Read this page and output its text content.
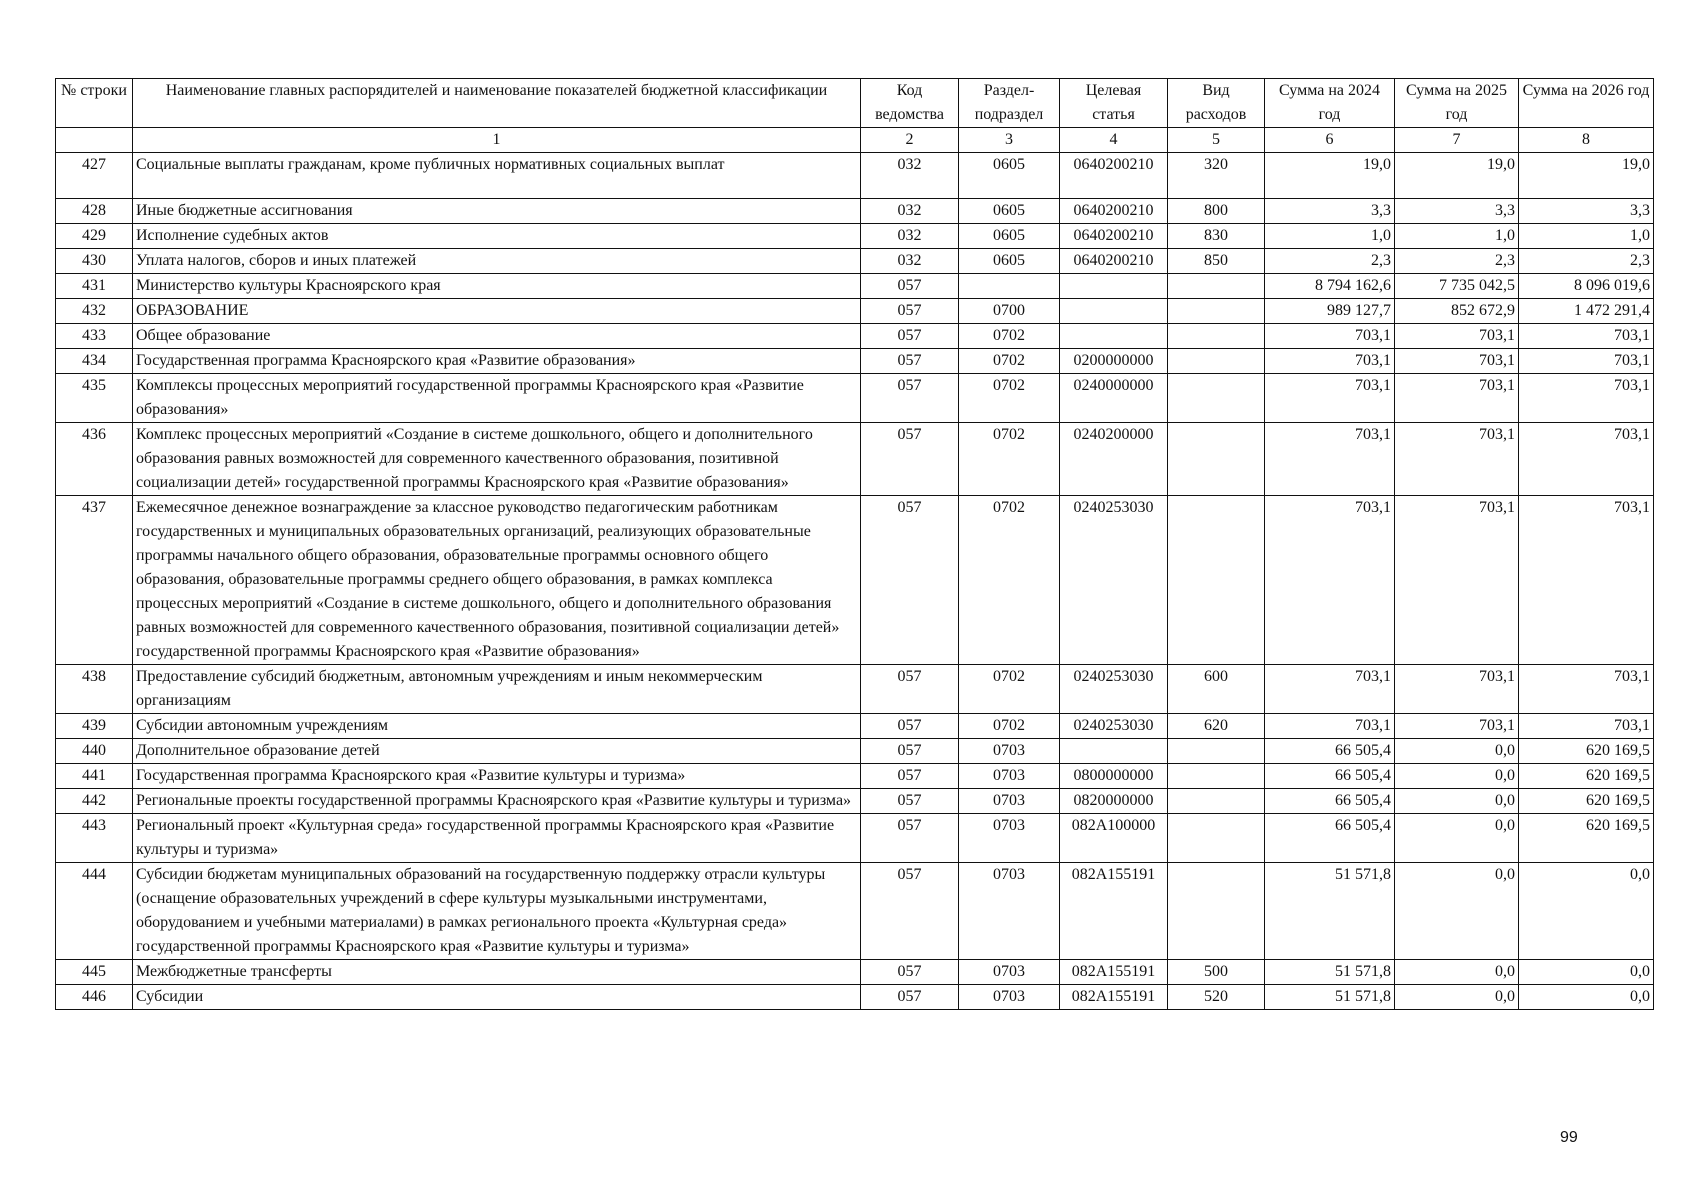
№ строки	Наименование главных распорядителей и наименование показателей бюджетной классификации	Код ведомства	Раздел-подраздел	Целевая статья	Вид расходов	Сумма на 2024 год	Сумма на 2025 год	Сумма на 2026 год
	1	2	3	4	5	6	7	8
427	Социальные выплаты гражданам, кроме публичных нормативных социальных выплат	032	0605	0640200210	320	19,0	19,0	19,0
428	Иные бюджетные ассигнования	032	0605	0640200210	800	3,3	3,3	3,3
429	Исполнение судебных актов	032	0605	0640200210	830	1,0	1,0	1,0
430	Уплата налогов, сборов и иных платежей	032	0605	0640200210	850	2,3	2,3	2,3
431	Министерство культуры Красноярского края	057				8 794 162,6	7 735 042,5	8 096 019,6
432	ОБРАЗОВАНИЕ	057	0700			989 127,7	852 672,9	1 472 291,4
433	Общее образование	057	0702			703,1	703,1	703,1
434	Государственная программа Красноярского края «Развитие образования»	057	0702	0200000000		703,1	703,1	703,1
435	Комплексы процессных мероприятий государственной программы Красноярского края «Развитие образования»	057	0702	0240000000		703,1	703,1	703,1
436	Комплекс процессных мероприятий «Создание в системе дошкольного, общего и дополнительного образования равных возможностей для современного качественного образования, позитивной социализации детей» государственной программы Красноярского края «Развитие образования»	057	0702	0240200000		703,1	703,1	703,1
437	Ежемесячное денежное вознаграждение за классное руководство педагогическим работникам государственных и муниципальных образовательных организаций, реализующих образовательные программы начального общего образования, образовательные программы основного общего образования, образовательные программы среднего общего образования, в рамках комплекса процессных мероприятий «Создание в системе дошкольного, общего и дополнительного образования равных возможностей для современного качественного образования, позитивной социализации детей» государственной программы Красноярского края «Развитие образования»	057	0702	0240253030		703,1	703,1	703,1
438	Предоставление субсидий бюджетным, автономным учреждениям и иным некоммерческим организациям	057	0702	0240253030	600	703,1	703,1	703,1
439	Субсидии автономным учреждениям	057	0702	0240253030	620	703,1	703,1	703,1
440	Дополнительное образование детей	057	0703			66 505,4	0,0	620 169,5
441	Государственная программа Красноярского края «Развитие культуры и туризма»	057	0703	0800000000		66 505,4	0,0	620 169,5
442	Региональные проекты государственной программы Красноярского края «Развитие культуры и туризма»	057	0703	0820000000		66 505,4	0,0	620 169,5
443	Региональный проект «Культурная среда» государственной программы Красноярского края «Развитие культуры и туризма»	057	0703	082A100000		66 505,4	0,0	620 169,5
444	Субсидии бюджетам муниципальных образований на государственную поддержку отрасли культуры (оснащение образовательных учреждений в сфере культуры музыкальными инструментами, оборудованием и учебными материалами) в рамках регионального проекта «Культурная среда» государственной программы Красноярского края «Развитие культуры и туризма»	057	0703	082A155191		51 571,8	0,0	0,0
445	Межбюджетные трансферты	057	0703	082A155191	500	51 571,8	0,0	0,0
446	Субсидии	057	0703	082A155191	520	51 571,8	0,0	0,0
99
